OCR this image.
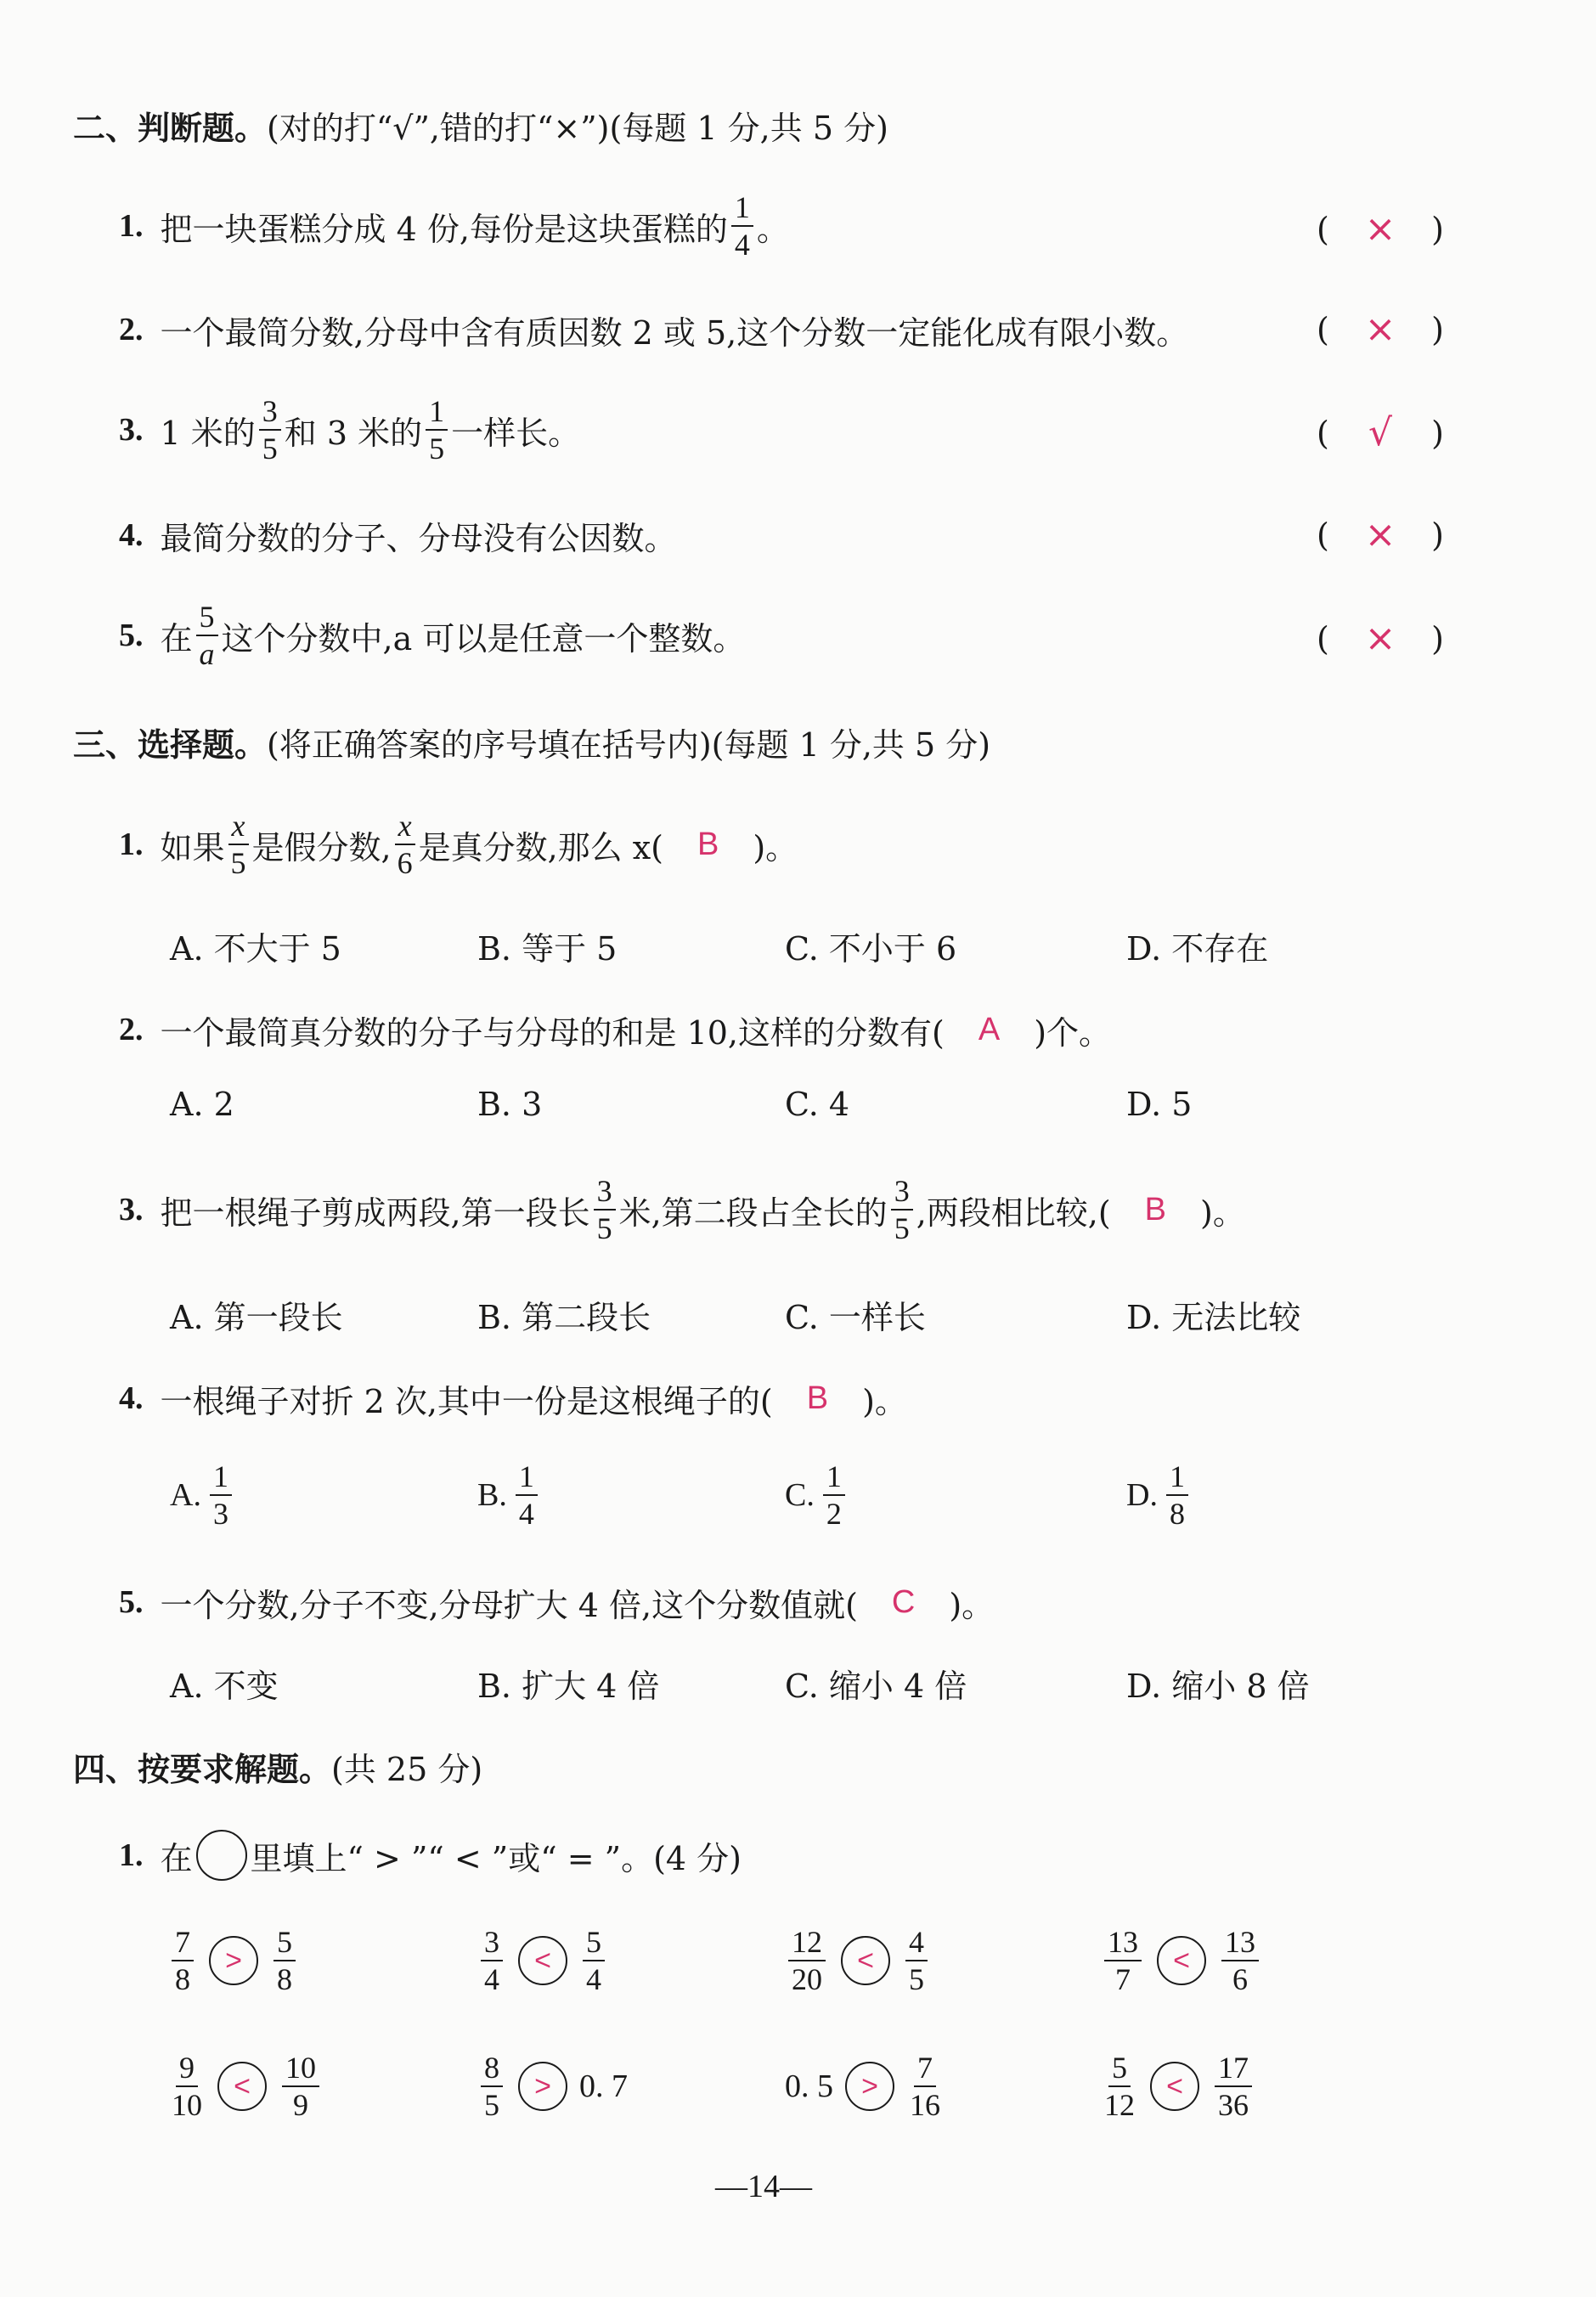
二、判断题。(对的打“√”,错的打“×”)(每题 1 分,共 5 分)
1. 把一块蛋糕分成 4 份,每份是这块蛋糕的 $\frac{1}{4}$ 。	( × )
2. 一个最简分数,分母中含有质因数 2 或 5,这个分数一定能化成有限小数。	( × )
3. 1 米的 $\frac{3}{5}$ 和 3 米的 $\frac{1}{5}$ 一样长。	( √ )
4. 最简分数的分子、分母没有公因数。	( × )
5. 在 $\frac{5}{a}$ 这个分数中,a 可以是任意一个整数。	( × )
三、选择题。(将正确答案的序号填在括号内)(每题 1 分,共 5 分)
1. 如果 $\frac{x}{5}$ 是假分数, $\frac{x}{6}$ 是真分数,那么 x(	B	)。
A. 不大于 5	B. 等于 5	C. 不小于 6	D. 不存在
2. 一个最简真分数的分子与分母的和是 10,这样的分数有(	A	)个。
A. 2	B. 3	C. 4	D. 5
3. 把一根绳子剪成两段,第一段长 $\frac{3}{5}$ 米,第二段占全长的 $\frac{3}{5}$ ,两段相比较,(	B	)。
A. 第一段长	B. 第二段长	C. 一样长	D. 无法比较
4. 一根绳子对折 2 次,其中一份是这根绳子的(	B	)。
A. $\frac{1}{3}$	B. $\frac{1}{4}$	C. $\frac{1}{2}$	D. $\frac{1}{8}$
5. 一个分数,分子不变,分母扩大 4 倍,这个分数值就(	C	)。
A. 不变	B. 扩大 4 倍	C. 缩小 4 倍	D. 缩小 8 倍
四、按要求解题。(共 25 分)
1. 在 里填上“ > ”“ < ”或“ = ”。(4 分)
$\frac{7}{8}$	>	$\frac{5}{8}$	$\frac{3}{4}$	<	$\frac{5}{4}$	$\frac{12}{20}$	<	$\frac{4}{5}$	$\frac{13}{7}$	<	$\frac{13}{6}$
$\frac{9}{10}$	<	$\frac{10}{9}$	$\frac{8}{5}$	> 0. 7	0. 5 >	$\frac{7}{16}$	$\frac{5}{12}$	<	$\frac{17}{36}$
—14—
